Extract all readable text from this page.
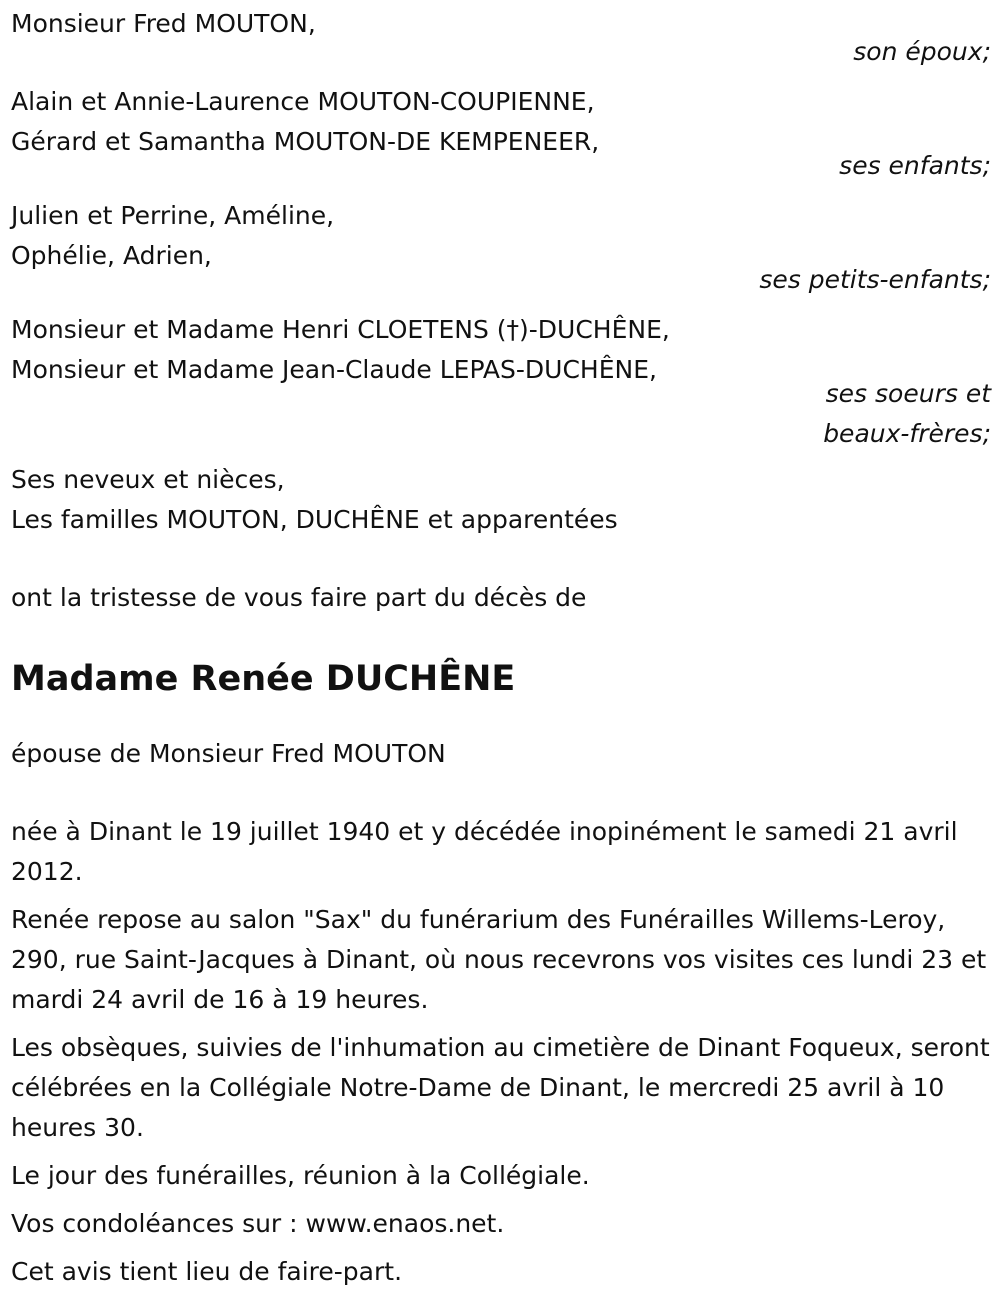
Monsieur Fred MOUTON,
son époux;
Alain et Annie-Laurence MOUTON-COUPIENNE,
Gérard et Samantha MOUTON-DE KEMPENEER,
ses enfants;
Julien et Perrine, Améline,
Ophélie, Adrien,
ses petits-enfants;
Monsieur et Madame Henri CLOETENS (†)-DUCHÊNE,
Monsieur et Madame Jean-Claude LEPAS-DUCHÊNE,
ses soeurs et
beaux-frères;
Ses neveux et nièces,
Les familles MOUTON, DUCHÊNE et apparentées
ont la tristesse de vous faire part du décès de
Madame Renée DUCHÊNE
épouse de Monsieur Fred MOUTON

née à Dinant le 19 juillet 1940 et y décédée inopinément le samedi 21 avril 2012.

Renée repose au salon "Sax" du funérarium des Funérailles Willems-Leroy, 290, rue Saint-Jacques à Dinant, où nous recevrons vos visites ces lundi 23 et mardi 24 avril de 16 à 19 heures.

Les obsèques, suivies de l'inhumation au cimetière de Dinant Foqueux, seront célébrées en la Collégiale Notre-Dame de Dinant, le mercredi 25 avril à 10 heures 30.

Le jour des funérailles, réunion à la Collégiale.

Vos condoléances sur : www.enaos.net.

Cet avis tient lieu de faire-part.
